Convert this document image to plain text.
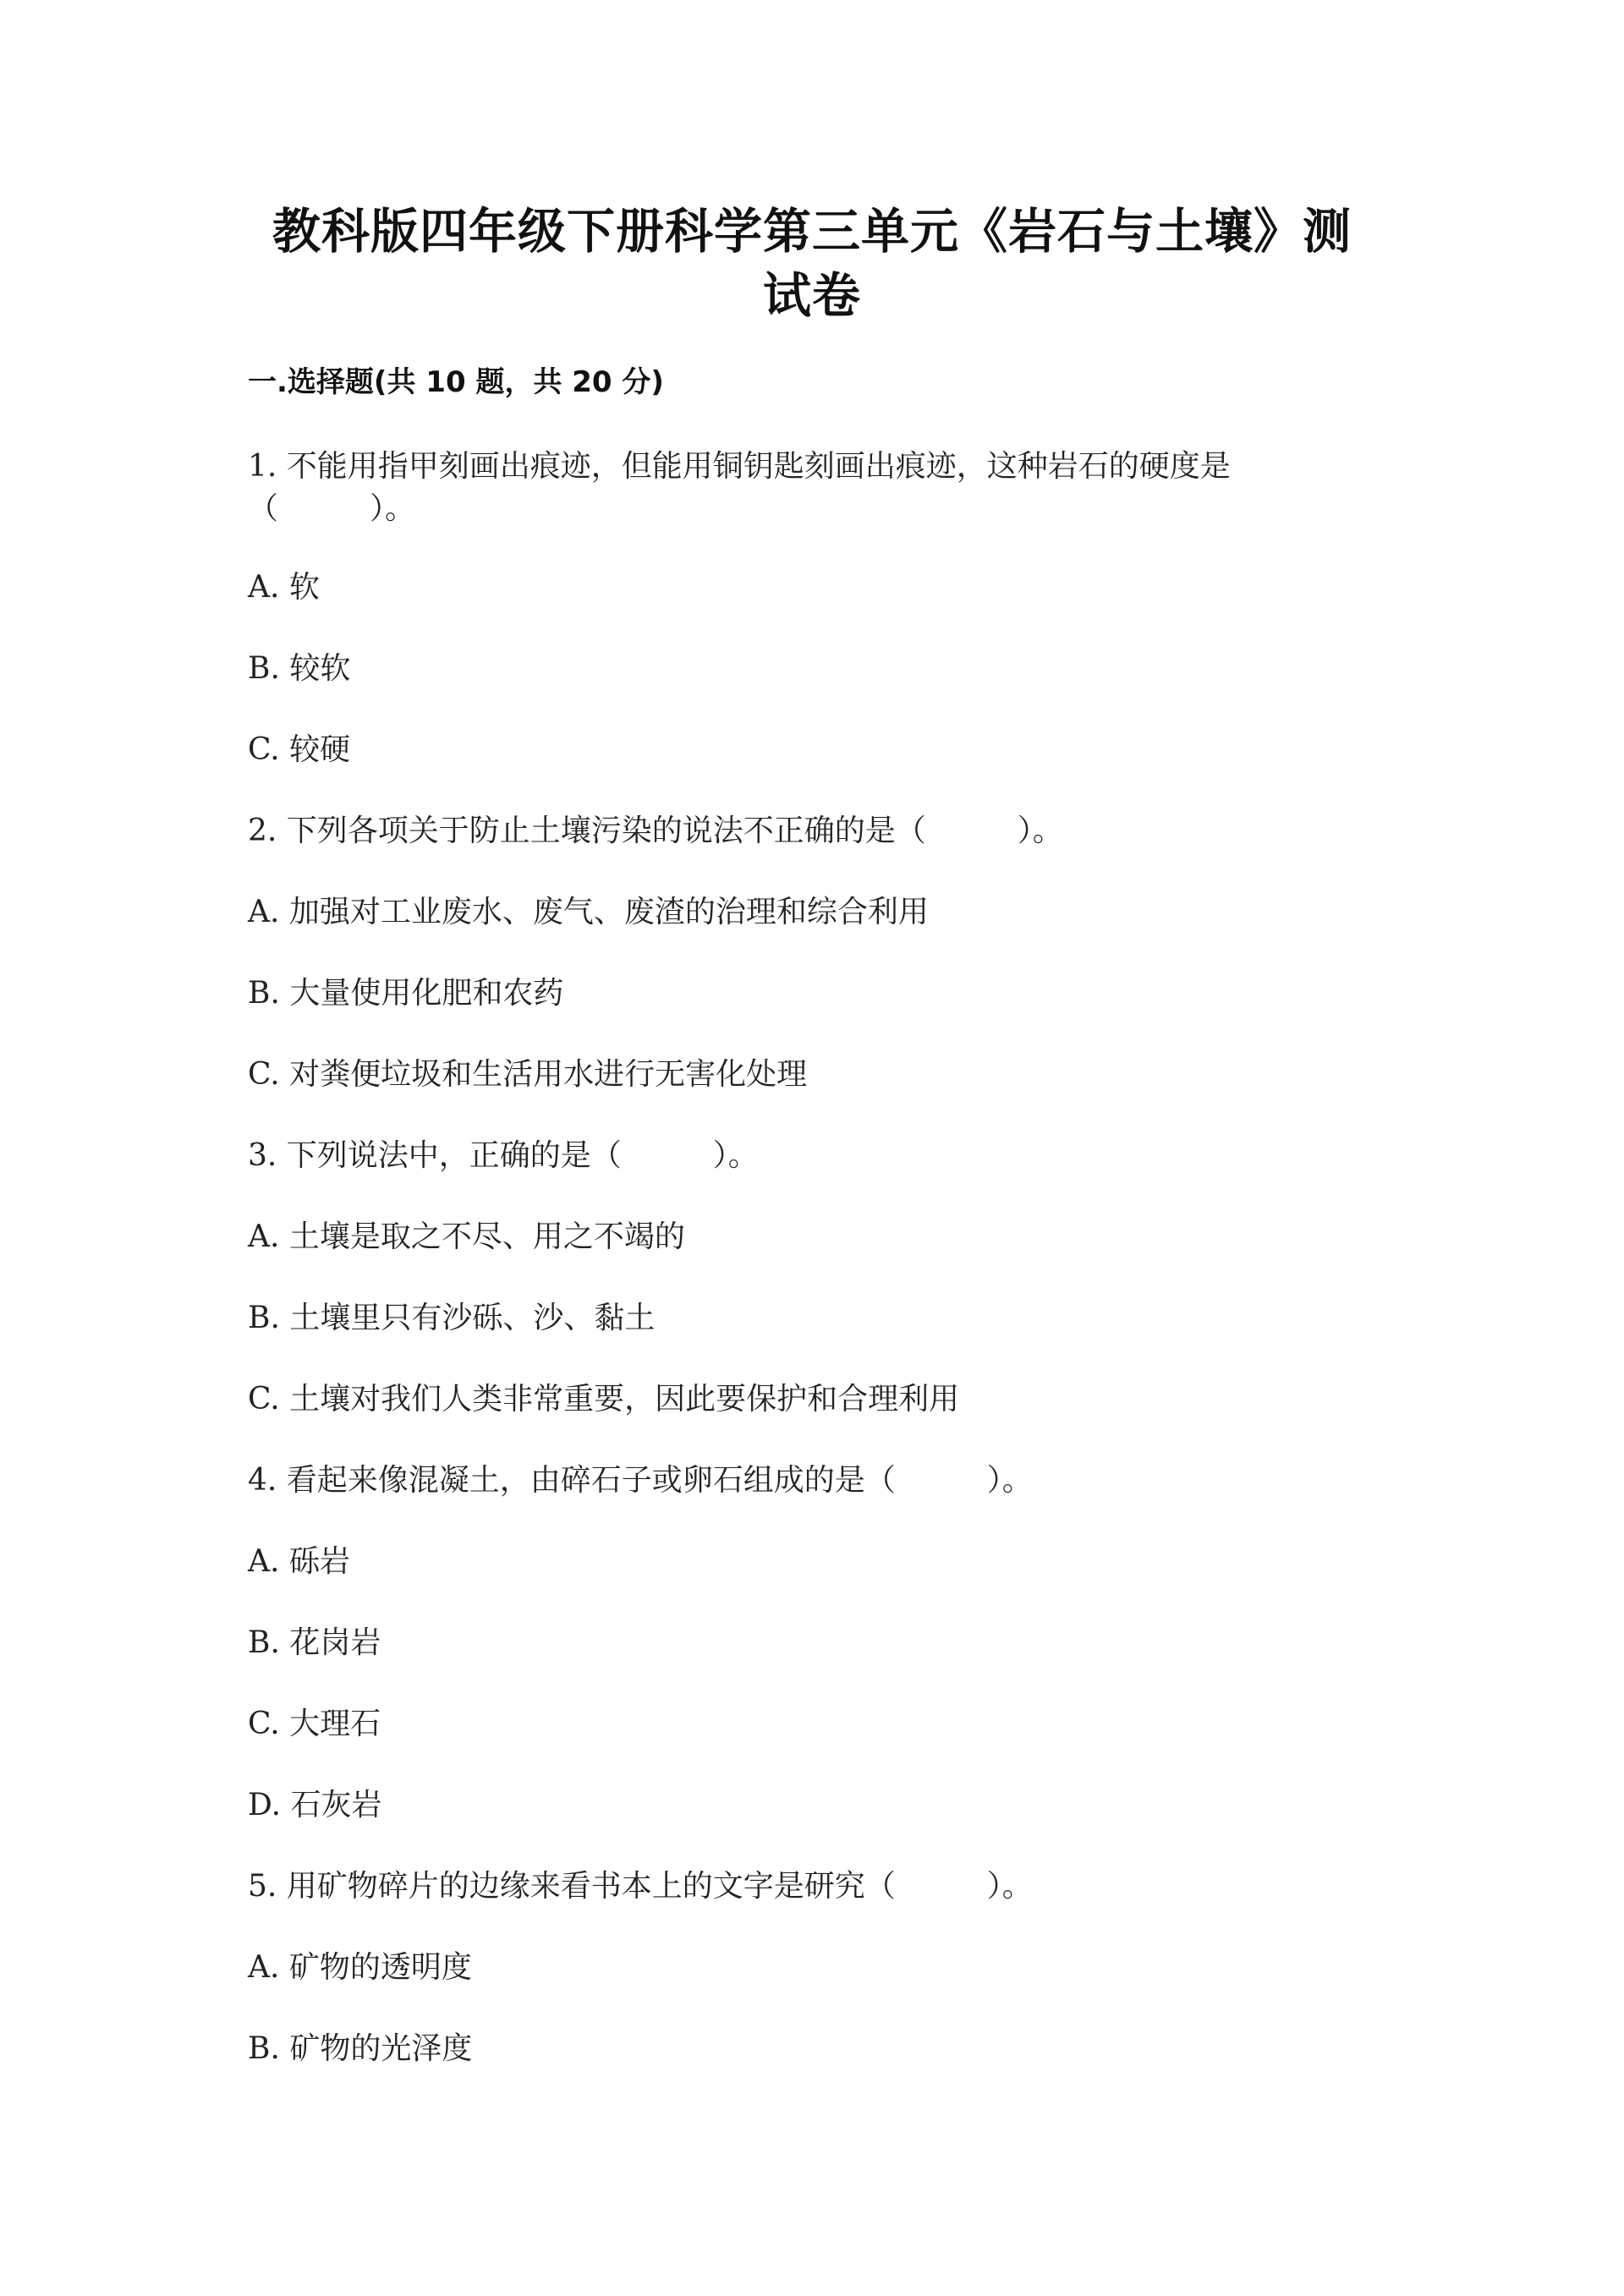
教科版四年级下册科学第三单元《岩石与土壤》测
试卷
一.选择题(共 10 题，共 20 分)

1. 不能用指甲刻画出痕迹，但能用铜钥匙刻画出痕迹，这种岩石的硬度是

（　　　）。

A. 软

B. 较软

C. 较硬

2. 下列各项关于防止土壤污染的说法不正确的是（　　　）。

A. 加强对工业废水、废气、废渣的治理和综合利用

B. 大量使用化肥和农药

C. 对粪便垃圾和生活用水进行无害化处理

3. 下列说法中，正确的是（　　　）。

A. 土壤是取之不尽、用之不竭的

B. 土壤里只有沙砾、沙、黏土

C. 土壤对我们人类非常重要，因此要保护和合理利用

4. 看起来像混凝土，由碎石子或卵石组成的是（　　　）。

A. 砾岩

B. 花岗岩

C. 大理石

D. 石灰岩

5. 用矿物碎片的边缘来看书本上的文字是研究（　　　）。

A. 矿物的透明度

B. 矿物的光泽度
